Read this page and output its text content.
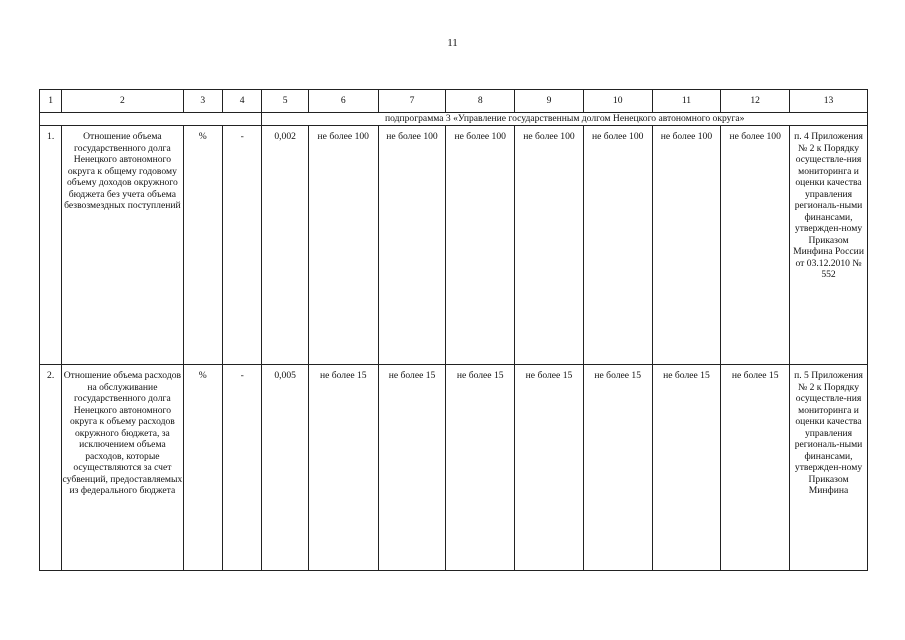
11
1	2	3	4	5	6	7	8	9	10	11	12	13
				подпрограмма 3 «Управление государственным долгом Ненецкого автономного округа»								
1.	Отношение объема государственного долга Ненецкого автономного округа к общему годовому объему доходов окружного бюджета без учета объема безвозмездных поступлений	%	-	0,002	не более 100	не более 100	не более 100	не более 100	не более 100	не более 100	не более 100	п. 4 Приложения № 2 к Порядку осуществле-ния мониторинга и оценки качества управления региональ-ными финансами, утвержден-ному Приказом Минфина России от 03.12.2010 № 552
2.	Отношение объема расходов на обслуживание государственного долга Ненецкого автономного округа к объему расходов окружного бюджета, за исключением объема расходов, которые осуществляются за счет субвенций, предоставляемых из федерального бюджета	%	-	0,005	не более 15	не более 15	не более 15	не более 15	не более 15	не более 15	не более 15	п. 5 Приложения № 2 к Порядку осуществле-ния мониторинга и оценки качества управления региональ-ными финансами, утвержден-ному Приказом Минфина
